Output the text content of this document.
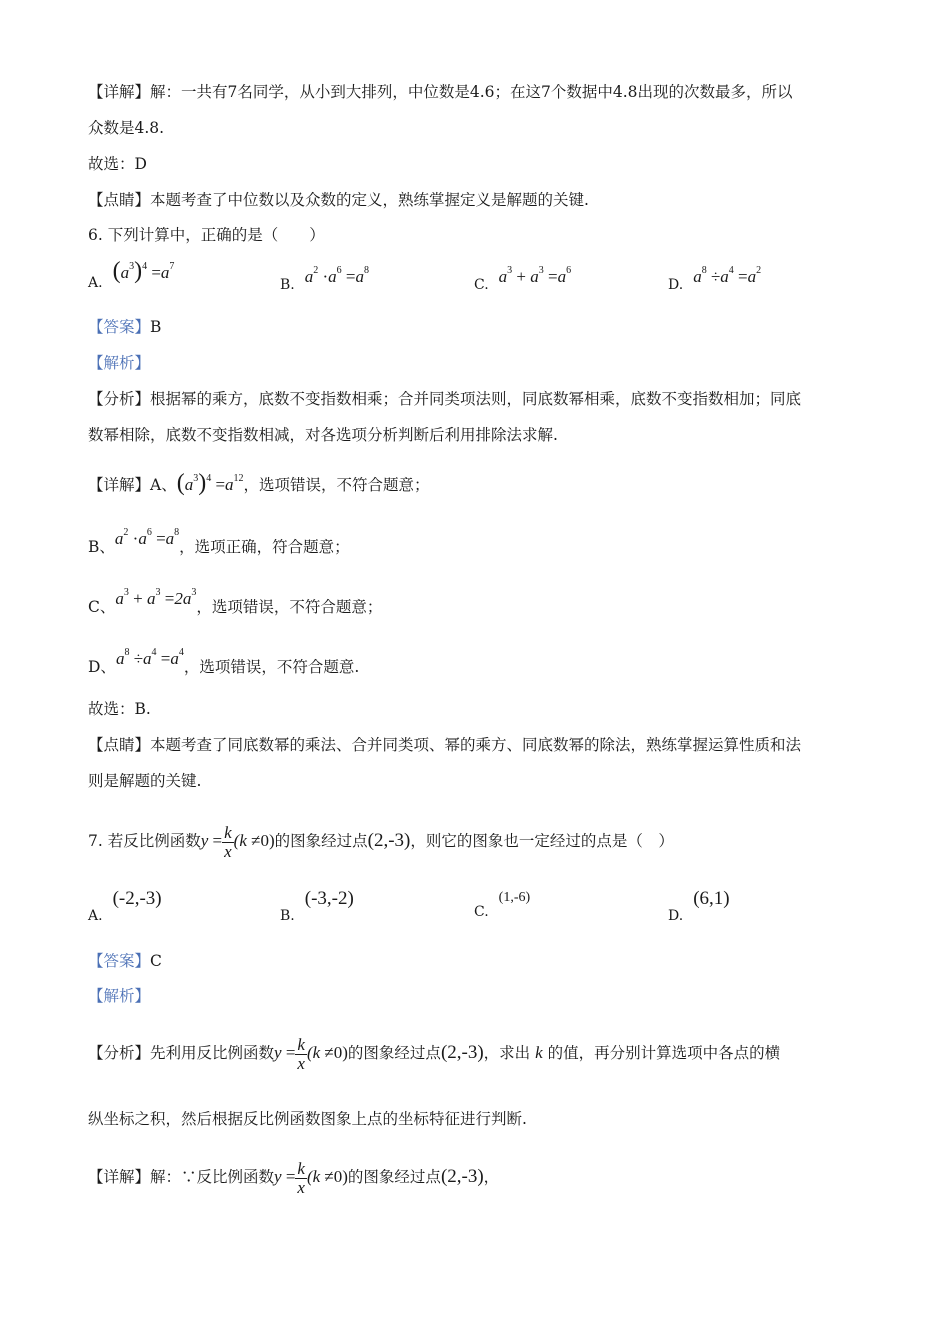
【详解】解：一共有7名同学，从小到大排列，中位数是4.6；在这7个数据中4.8出现的次数最多，所以
众数是4.8.
故选：D
【点睛】本题考查了中位数以及众数的定义，熟练掌握定义是解题的关键.
6. 下列计算中，正确的是（　　）
A. $(a^3)^4 =a^7$
B. $a^2 \cdot a^6 =a^8$
C. $a^3 + a^3 =a^6$
D. $a^8 \div a^4 =a^2$
【答案】B
【解析】
【分析】根据幂的乘方，底数不变指数相乘；合并同类项法则，同底数幂相乘，底数不变指数相加；同底
数幂相除，底数不变指数相减，对各选项分析判断后利用排除法求解.
【详解】A、$(a^3)^4 =a^{12}$，选项错误，不符合题意；
B、$a^2 \cdot a^6 =a^8$，选项正确，符合题意；
C、$a^3 + a^3 =2a^3$，选项错误，不符合题意；
D、$a^8 \div a^4 =a^4$，选项错误，不符合题意.
故选：B.
【点睛】本题考查了同底数幂的乘法、合并同类项、幂的乘方、同底数幂的除法，熟练掌握运算性质和法
则是解题的关键.
7. 若反比例函数$y = \frac{k}{x} (k \ne 0)$的图象经过点(2,-3)，则它的图象也一定经过的点是（　）
A.
(-2,-3)
B.
(-3,-2)
C.
(1,-6)
D.
(6,1)
【答案】C
【解析】
【分析】先利用反比例函数$y = \frac{k}{x} (k \ne 0)$的图象经过点(2,-3)，求出 k 的值，再分别计算选项中各点的横
纵坐标之积，然后根据反比例函数图象上点的坐标特征进行判断.
【详解】解：∵反比例函数$y = \frac{k}{x} (k \ne 0)$的图象经过点(2,-3)，
